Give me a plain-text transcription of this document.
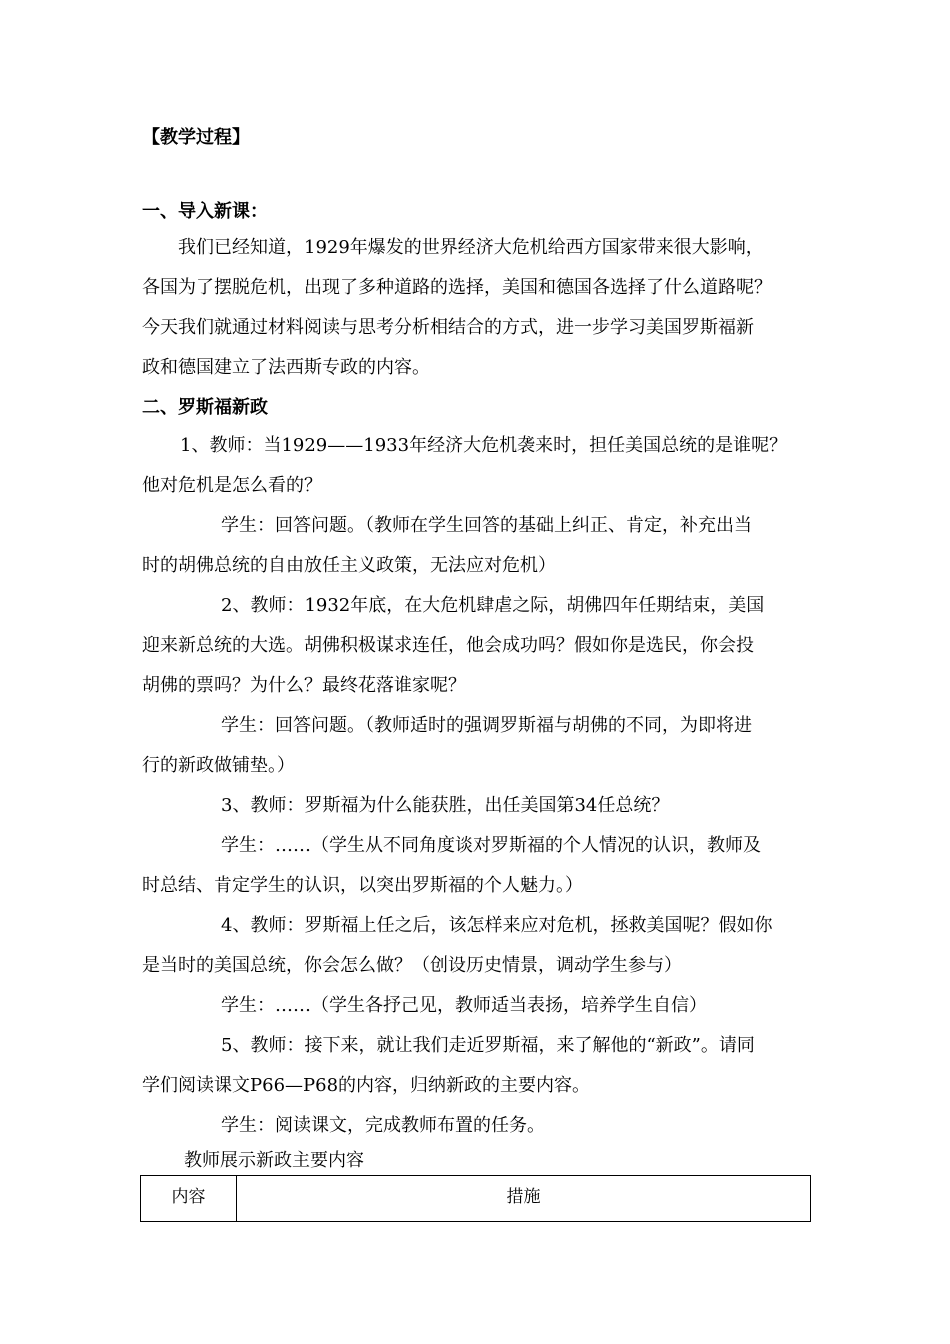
【教学过程】
一、导入新课：
我们已经知道，1929年爆发的世界经济大危机给西方国家带来很大影响，
各国为了摆脱危机，出现了多种道路的选择，美国和德国各选择了什么道路呢？
今天我们就通过材料阅读与思考分析相结合的方式，进一步学习美国罗斯福新
政和德国建立了法西斯专政的内容。
二、罗斯福新政
1、教师：当1929——1933年经济大危机袭来时，担任美国总统的是谁呢？
他对危机是怎么看的？
学生：回答问题。（教师在学生回答的基础上纠正、肯定，补充出当
时的胡佛总统的自由放任主义政策，无法应对危机）
2、教师：1932年底，在大危机肆虐之际，胡佛四年任期结束，美国
迎来新总统的大选。胡佛积极谋求连任，他会成功吗？假如你是选民，你会投
胡佛的票吗？为什么？最终花落谁家呢？
学生：回答问题。（教师适时的强调罗斯福与胡佛的不同，为即将进
行的新政做铺垫。）
3、教师：罗斯福为什么能获胜，出任美国第34任总统？
学生：……（学生从不同角度谈对罗斯福的个人情况的认识，教师及
时总结、肯定学生的认识，以突出罗斯福的个人魅力。）
4、教师：罗斯福上任之后，该怎样来应对危机，拯救美国呢？假如你
是当时的美国总统，你会怎么做？（创设历史情景，调动学生参与）
学生：……（学生各抒己见，教师适当表扬，培养学生自信）
5、教师：接下来，就让我们走近罗斯福，来了解他的“新政”。请同
学们阅读课文P66—P68的内容，归纳新政的主要内容。
学生：阅读课文，完成教师布置的任务。
教师展示新政主要内容
内容	措施
